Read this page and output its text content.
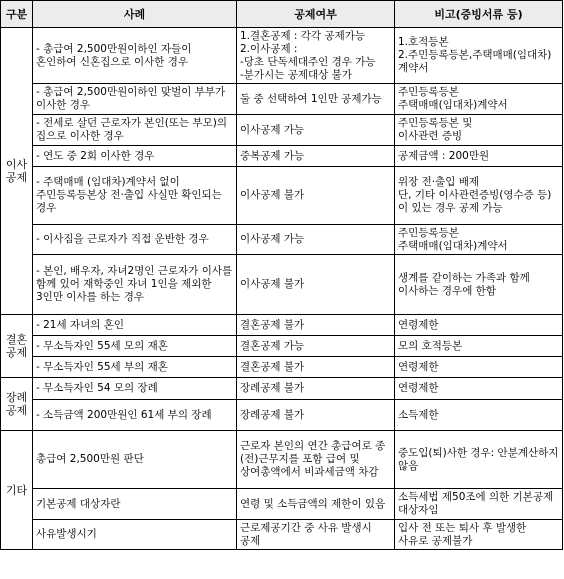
구분	사례	공제여부	비고(증빙서류 등)
이사
공제	- 총급여 2,500만원이하인 자들이 혼인하여 신혼집으로 이사한 경우	1.결혼공제 : 각각 공제가능
2.이사공제 :
-당초 단독세대주인 경우 가능
-분가시는 공제대상 불가	1.호적등본
2.주민등록등본,주택매매(임대차)계약서
	- 총급여 2,500만원이하인 맞벌이 부부가 이사한 경우	둘 중 선택하여 1인만 공제가능	주민등록등본
주택매매(임대차)계약서
	- 전세로 살던 근로자가 본인(또는 부모)의 집으로 이사한 경우	이사공제 가능	주민등록등본 및
이사관련 증빙
	- 연도 중 2회 이사한 경우	중복공제 가능	공제금액 : 200만원
	- 주택매매 (임대차)계약서 없이 주민등록등본상 전·출입 사실만 확인되는 경우	이사공제 불가	위장 전·출입 배제
단, 기타 이사관련증빙(영수증 등)이 있는 경우 공제 가능
	- 이사짐을 근로자가 직접 운반한 경우	이사공제 가능	주민등록등본
주택매매(임대차)계약서
	- 본인, 배우자, 자녀2명인 근로자가 이사를 함께 있어 재학중인 자녀 1인을 제외한 3인만 이사를 하는 경우	이사공제 불가	생계를 같이하는 가족과 함께 이사하는 경우에 한함
결혼
공제	- 21세 자녀의 혼인	결혼공제 불가	연령제한
	- 무소득자인 55세 모의 재혼	결혼공제 가능	모의 호적등본
	- 무소득자인 55세 부의 재혼	결혼공제 불가	연령제한
장례
공제	- 무소득자인 54 모의 장례	장례공제 불가	연령제한
	- 소득금액 200만원인 61세 부의 장례	장례공제 불가	소득제한
기타	총급여 2,500만원 판단	근로자 본인의 연간 총급여로 종(전)근무지를 포함 급여 및 상여총액에서 비과세금액 차감	중도입(퇴)사한 경우: 안분계산하지 않음
	기본공제 대상자란	연령 및 소득금액의 제한이 있음	소득세법 제50조에 의한 기본공제 대상자임
	사유발생시기	근로제공기간 중 사유 발생시 공제	입사 전 또는 퇴사 후 발생한 사유로 공제불가
